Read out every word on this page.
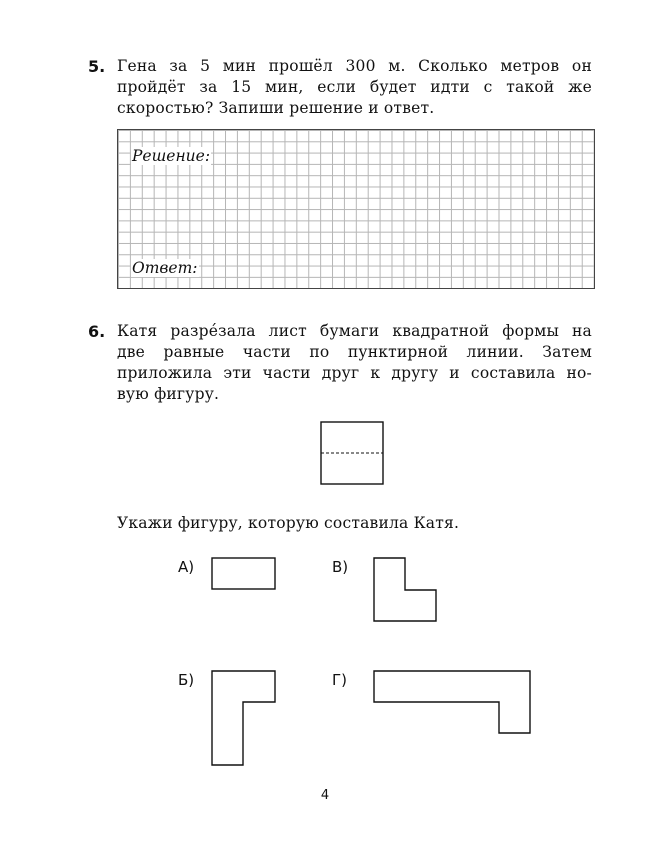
5. Гена за 5 мин прошёл 300 м. Сколько метров он
пройдёт за 15 мин, если будет идти с такой же
скоростью? Запиши решение и ответ.
Решение:
Ответ:
6. Катя разрéзала лист бумаги квадратной формы на
две равные части по пунктирной линии. Затем
приложила эти части друг к другу и составила но-
вую фигуру.
Укажи фигуру, которую составила Катя.
А)	В)
Б)	Г)
4
